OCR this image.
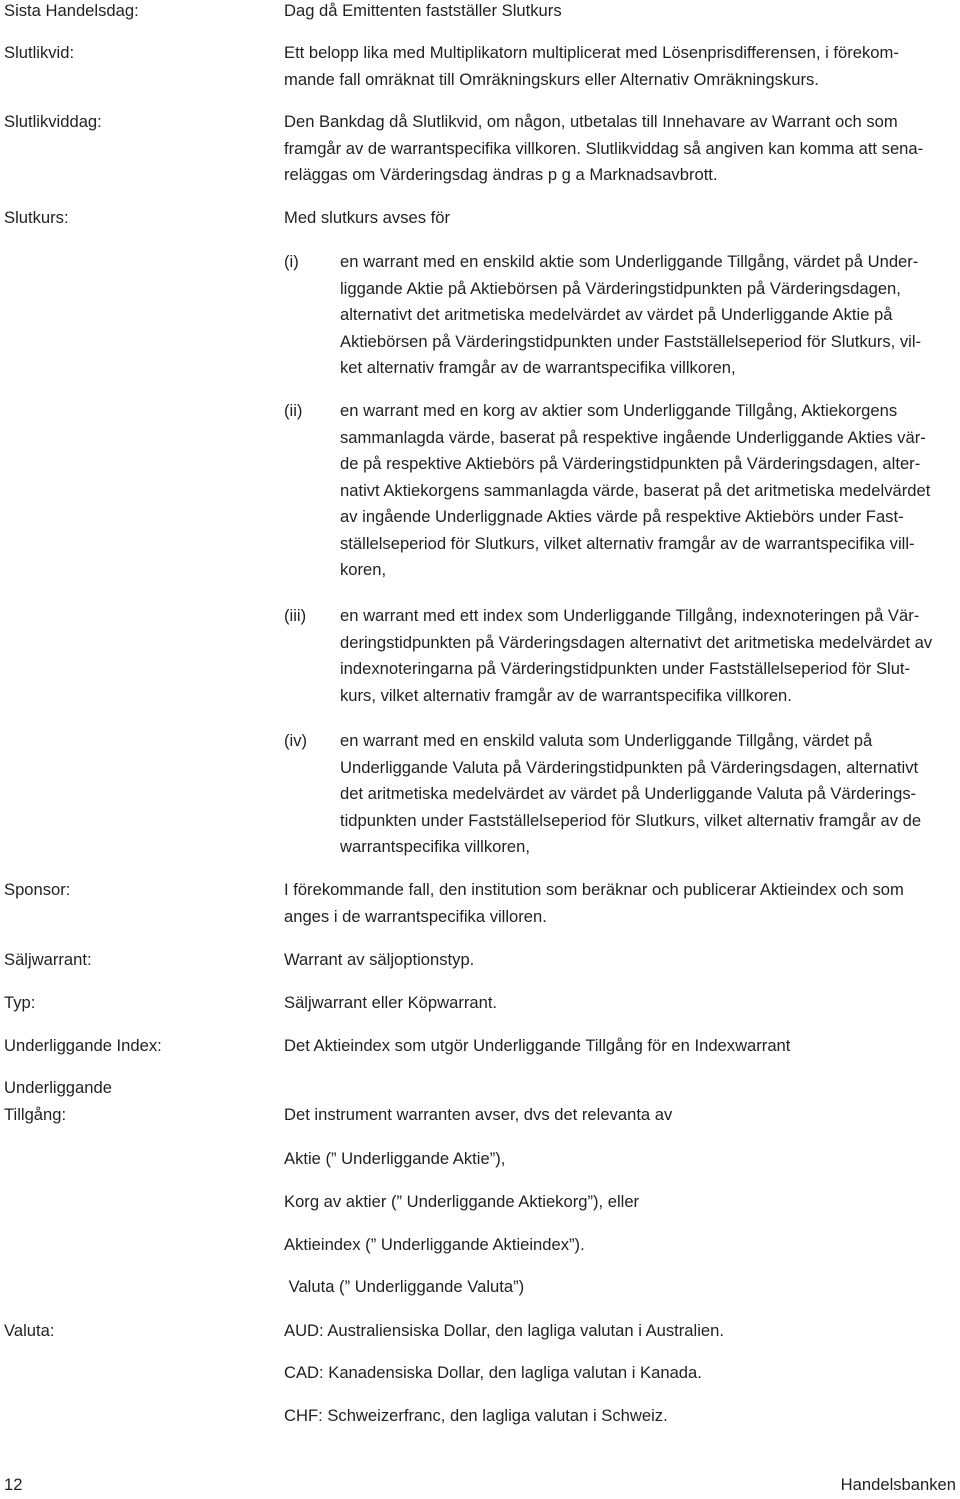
Sista Handelsdag:	Dag då Emittenten fastställer Slutkurs
Slutlikvid:	Ett belopp lika med Multiplikatorn multiplicerat med Lösenprisdifferensen, i förekom-
mande fall omräknat till Omräkningskurs eller Alternativ Omräkningskurs.
Slutlikviddag:	Den Bankdag då Slutlikvid, om någon, utbetalas till Innehavare av Warrant och som
framgår av de warrantspecifika villkoren. Slutlikviddag så angiven kan komma att sena-
reläggas om Värderingsdag ändras p g a Marknadsavbrott.
Slutkurs:	Med slutkurs avses för
(i)	en warrant med en enskild aktie som Underliggande Tillgång, värdet på Under-
liggande Aktie på Aktiebörsen på Värderingstidpunkten på Värderingsdagen,
alternativt det aritmetiska medelvärdet av värdet på Underliggande Aktie på
Aktiebörsen på Värderingstidpunkten under Fastställelseperiod för Slutkurs, vil-
ket alternativ framgår av de warrantspecifika villkoren,
(ii)	en warrant med en korg av aktier som Underliggande Tillgång, Aktiekorgens
sammanlagda värde, baserat på respektive ingående Underliggande Akties vär-
de på respektive Aktiebörs på Värderingstidpunkten på Värderingsdagen, alter-
nativt Aktiekorgens sammanlagda värde, baserat på det aritmetiska medelvärdet
av ingående Underliggnade Akties värde på respektive Aktiebörs under Fast-
ställelseperiod för Slutkurs, vilket alternativ framgår av de warrantspecifika vill-
koren,
(iii)	en warrant med ett index som Underliggande Tillgång, indexnoteringen på Vär-
deringstidpunkten på Värderingsdagen alternativt det aritmetiska medelvärdet av
indexnoteringarna på Värderingstidpunkten under Fastställelseperiod för Slut-
kurs, vilket alternativ framgår av de warrantspecifika villkoren.
(iv)	en warrant med en enskild valuta som Underliggande Tillgång, värdet på
Underliggande Valuta på Värderingstidpunkten på Värderingsdagen, alternativt
det aritmetiska medelvärdet av värdet på Underliggande Valuta på Värderings-
tidpunkten under Fastställelseperiod för Slutkurs, vilket alternativ framgår av de
warrantspecifika villkoren,
Sponsor:	I förekommande fall, den institution som beräknar och publicerar Aktieindex och som
anges i de warrantspecifika villoren.
Säljwarrant:	Warrant av säljoptionstyp.
Typ:	Säljwarrant eller Köpwarrant.
Underliggande Index:	Det Aktieindex som utgör Underliggande Tillgång för en Indexwarrant
Underliggande
Tillgång:	Det instrument warranten avser, dvs det relevanta av
Aktie (” Underliggande Aktie”),
Korg av aktier (” Underliggande Aktiekorg”), eller
Aktieindex (” Underliggande Aktieindex”).
Valuta (” Underliggande Valuta”)
Valuta:	AUD: Australiensiska Dollar, den lagliga valutan i Australien.
CAD: Kanadensiska Dollar, den lagliga valutan i Kanada.
CHF: Schweizerfranc, den lagliga valutan i Schweiz.
12	Handelsbanken
